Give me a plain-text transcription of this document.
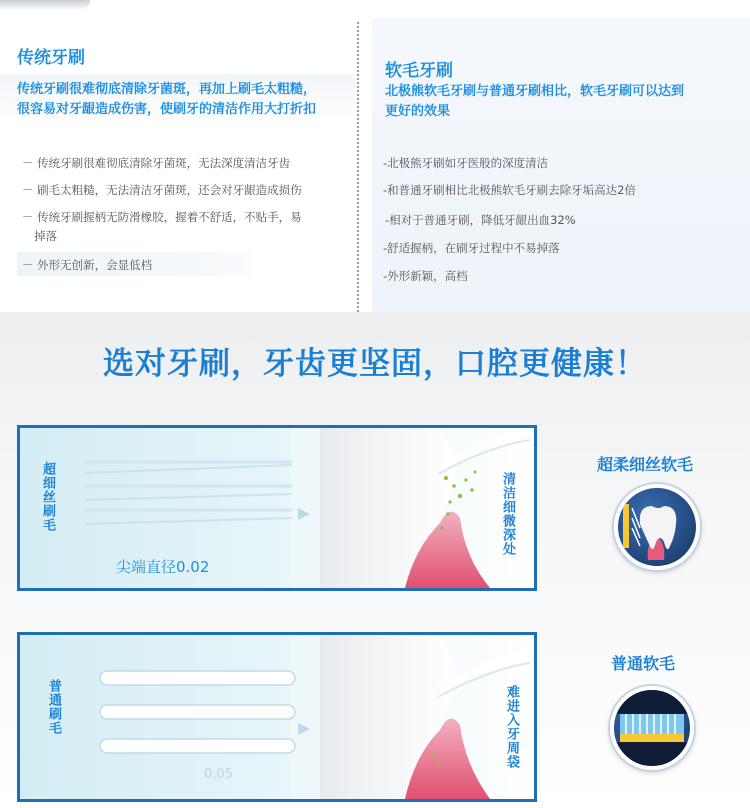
传统牙刷
传统牙刷很难彻底清除牙菌斑，再加上刷毛太粗糙，
很容易对牙龈造成伤害，使刷牙的清洁作用大打折扣
－ 传统牙刷很难彻底清除牙菌斑，无法深度清洁牙齿
－ 刷毛太粗糙，无法清洁牙菌斑，还会对牙龈造成损伤
－ 传统牙刷握柄无防滑橡胶，握着不舒适，不贴手，易
掉落
－ 外形无创新，会显低档
软毛牙刷
北极熊软毛牙刷与普通牙刷相比，软毛牙刷可以达到
更好的效果
-北极熊牙刷如牙医般的深度清洁
-和普通牙刷相比北极熊软毛牙刷去除牙垢高达2倍
-相对于普通牙刷，降低牙龈出血32%
-舒适握柄，在刷牙过程中不易掉落
-外形新颖，高档
选对牙刷，牙齿更坚固，口腔更健康！
超细丝刷毛	清洁细微深处
尖端直径0.02
超柔细丝软毛
普通刷毛	难进入牙周袋
0.05
普通软毛
